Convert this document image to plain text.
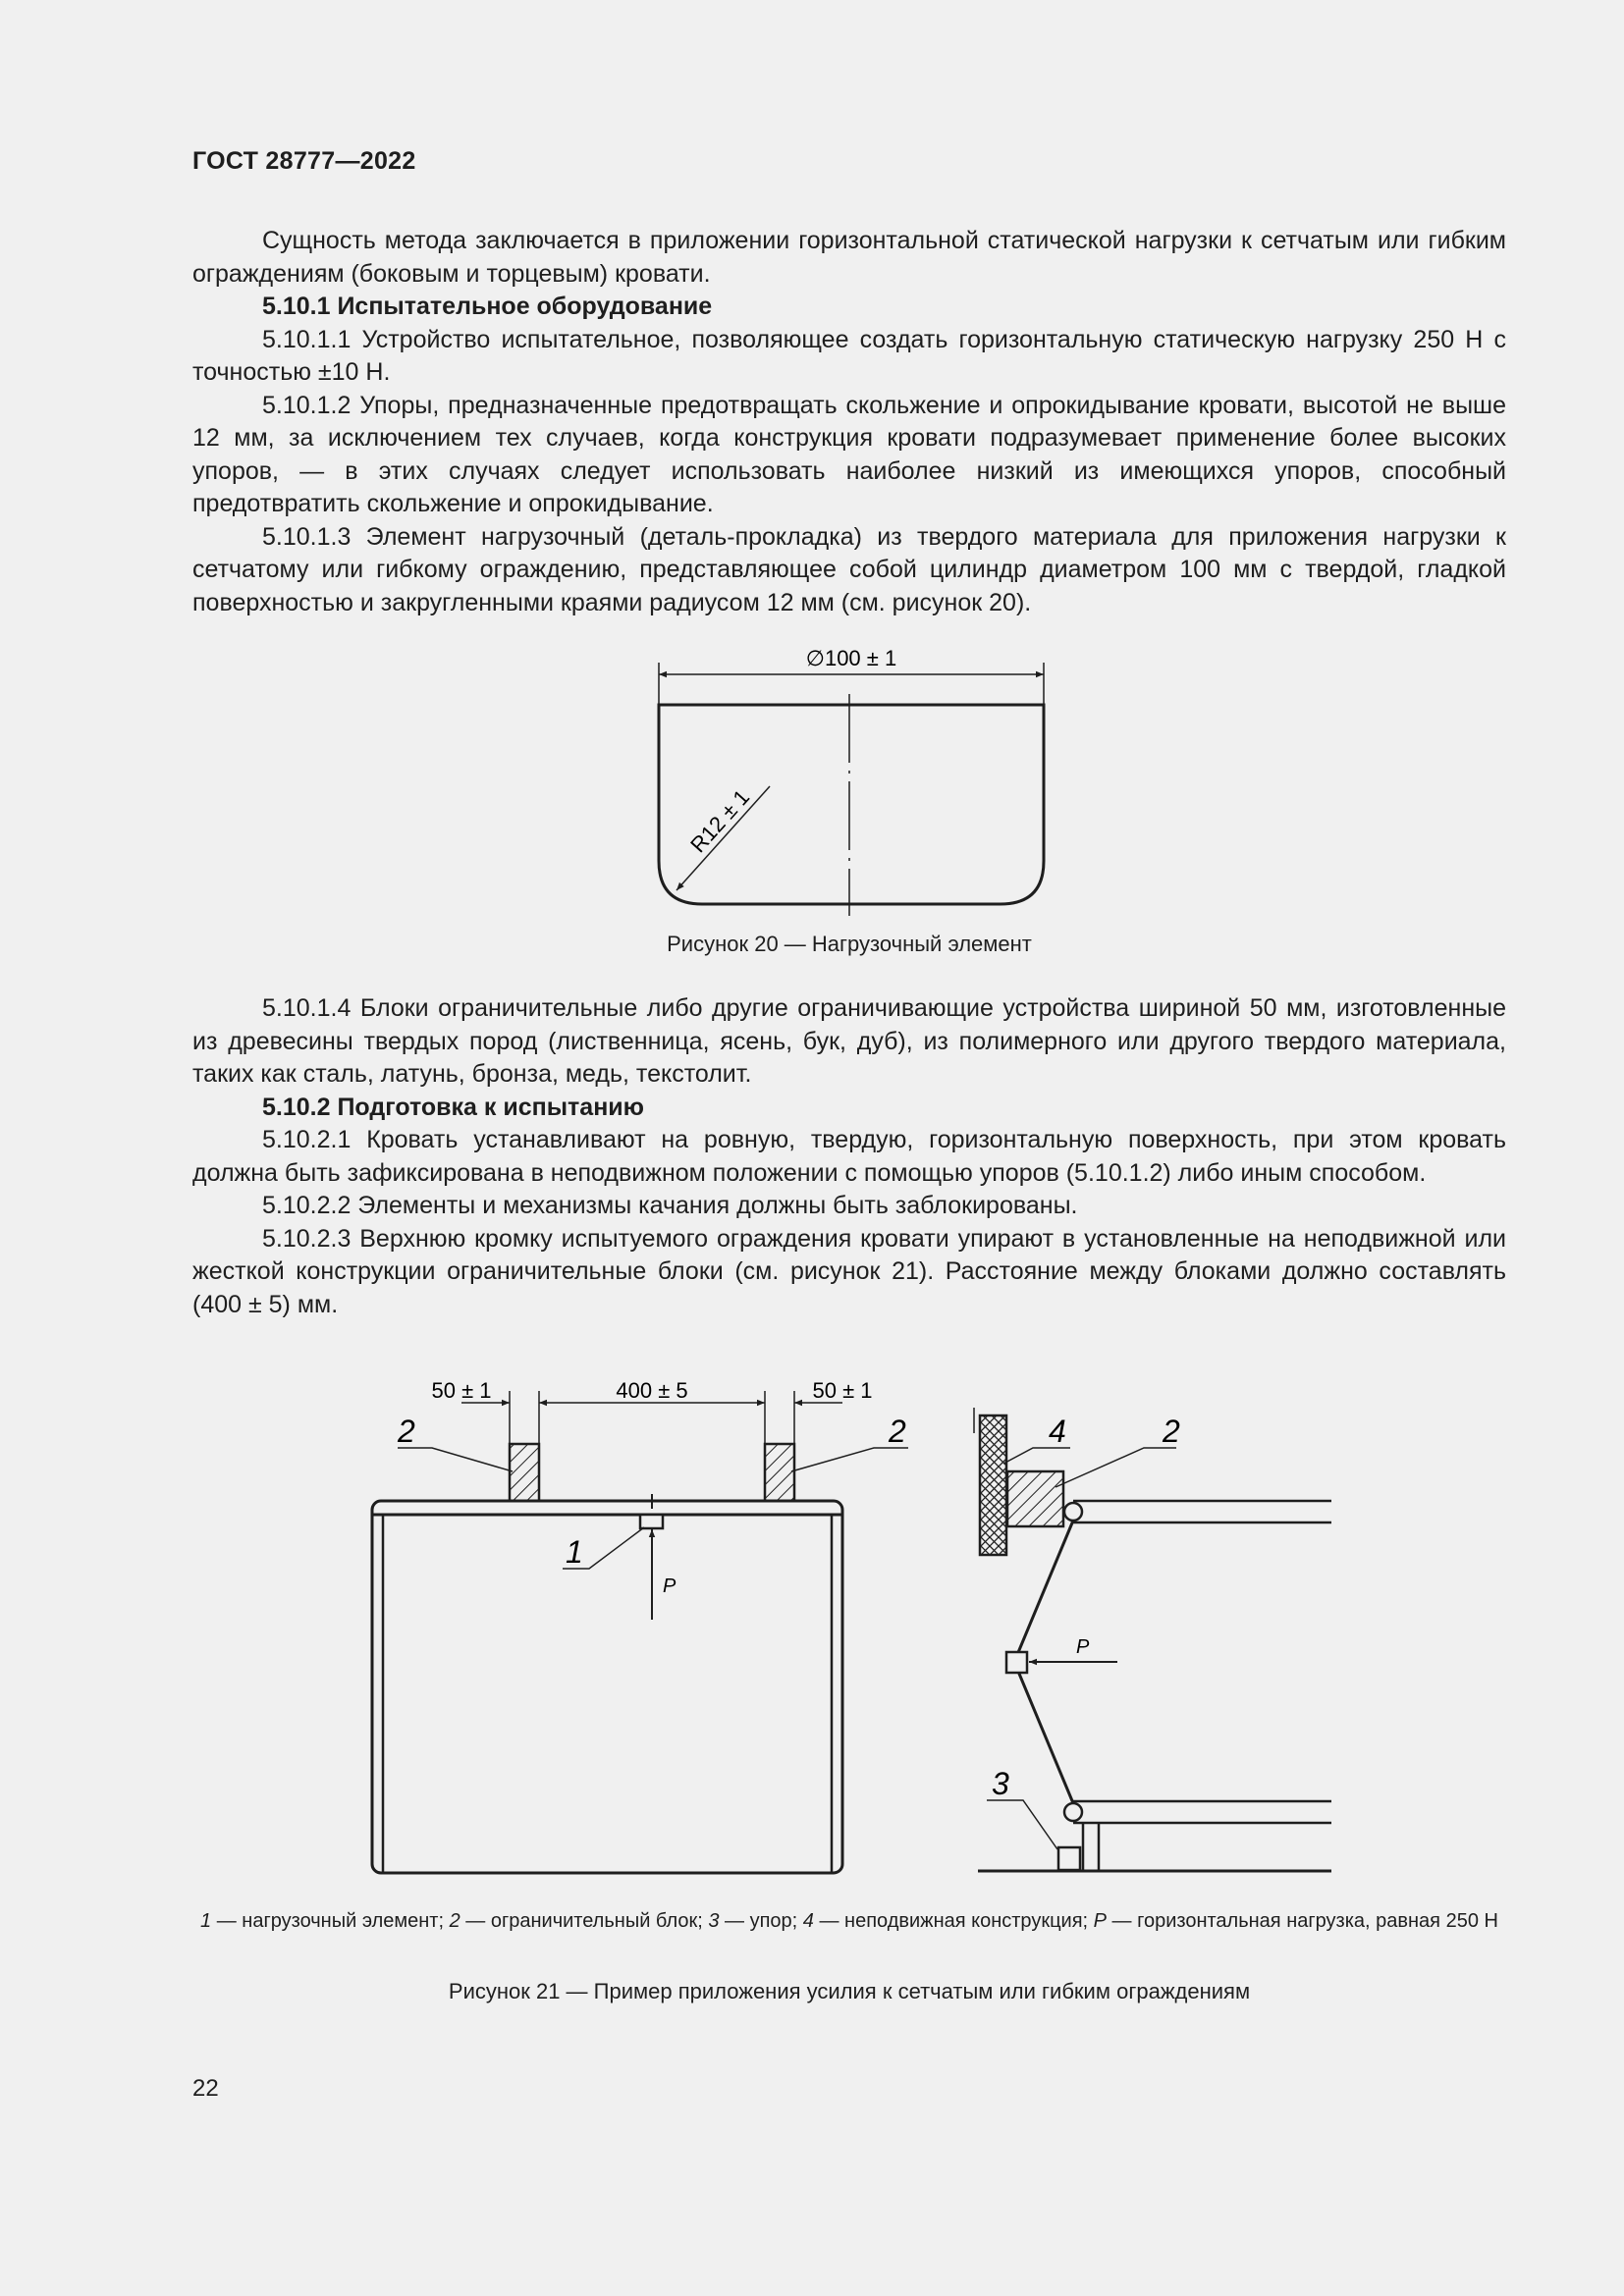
ГОСТ 28777—2022

Сущность метода заключается в приложении горизонтальной статической нагрузки к сетчатым или гибким ограждениям (боковым и торцевым) кровати.

5.10.1 Испытательное оборудование

5.10.1.1 Устройство испытательное, позволяющее создать горизонтальную статическую нагрузку 250 Н с точностью ±10 Н.

5.10.1.2 Упоры, предназначенные предотвращать скольжение и опрокидывание кровати, высотой не выше 12 мм, за исключением тех случаев, когда конструкция кровати подразумевает применение более высоких упоров, — в этих случаях следует использовать наиболее низкий из имеющихся упоров, способный предотвратить скольжение и опрокидывание.

5.10.1.3 Элемент нагрузочный (деталь-прокладка) из твердого материала для приложения нагрузки к сетчатому или гибкому ограждению, представляющее собой цилиндр диаметром 100 мм с твердой, гладкой поверхностью и закругленными краями радиусом 12 мм (см. рисунок 20).

∅100 ± 1
R12 ± 1
Рисунок 20 — Нагрузочный элемент

5.10.1.4 Блоки ограничительные либо другие ограничивающие устройства шириной 50 мм, изготовленные из древесины твердых пород (лиственница, ясень, бук, дуб), из полимерного или другого твердого материала, таких как сталь, латунь, бронза, медь, текстолит.

5.10.2 Подготовка к испытанию

5.10.2.1 Кровать устанавливают на ровную, твердую, горизонтальную поверхность, при этом кровать должна быть зафиксирована в неподвижном положении с помощью упоров (5.10.1.2) либо иным способом.

5.10.2.2 Элементы и механизмы качания должны быть заблокированы.

5.10.2.3 Верхнюю кромку испытуемого ограждения кровати упирают в установленные на неподвижной или жесткой конструкции ограничительные блоки (см. рисунок 21). Расстояние между блоками должно составлять (400 ± 5) мм.

50 ± 1	400 ± 5	50 ± 1
2	2
P
1
4	2
P
3
1 — нагрузочный элемент; 2 — ограничительный блок; 3 — упор; 4 — неподвижная конструкция; P — горизонтальная нагрузка, равная 250 Н
Рисунок 21 — Пример приложения усилия к сетчатым или гибким ограждениям
22
